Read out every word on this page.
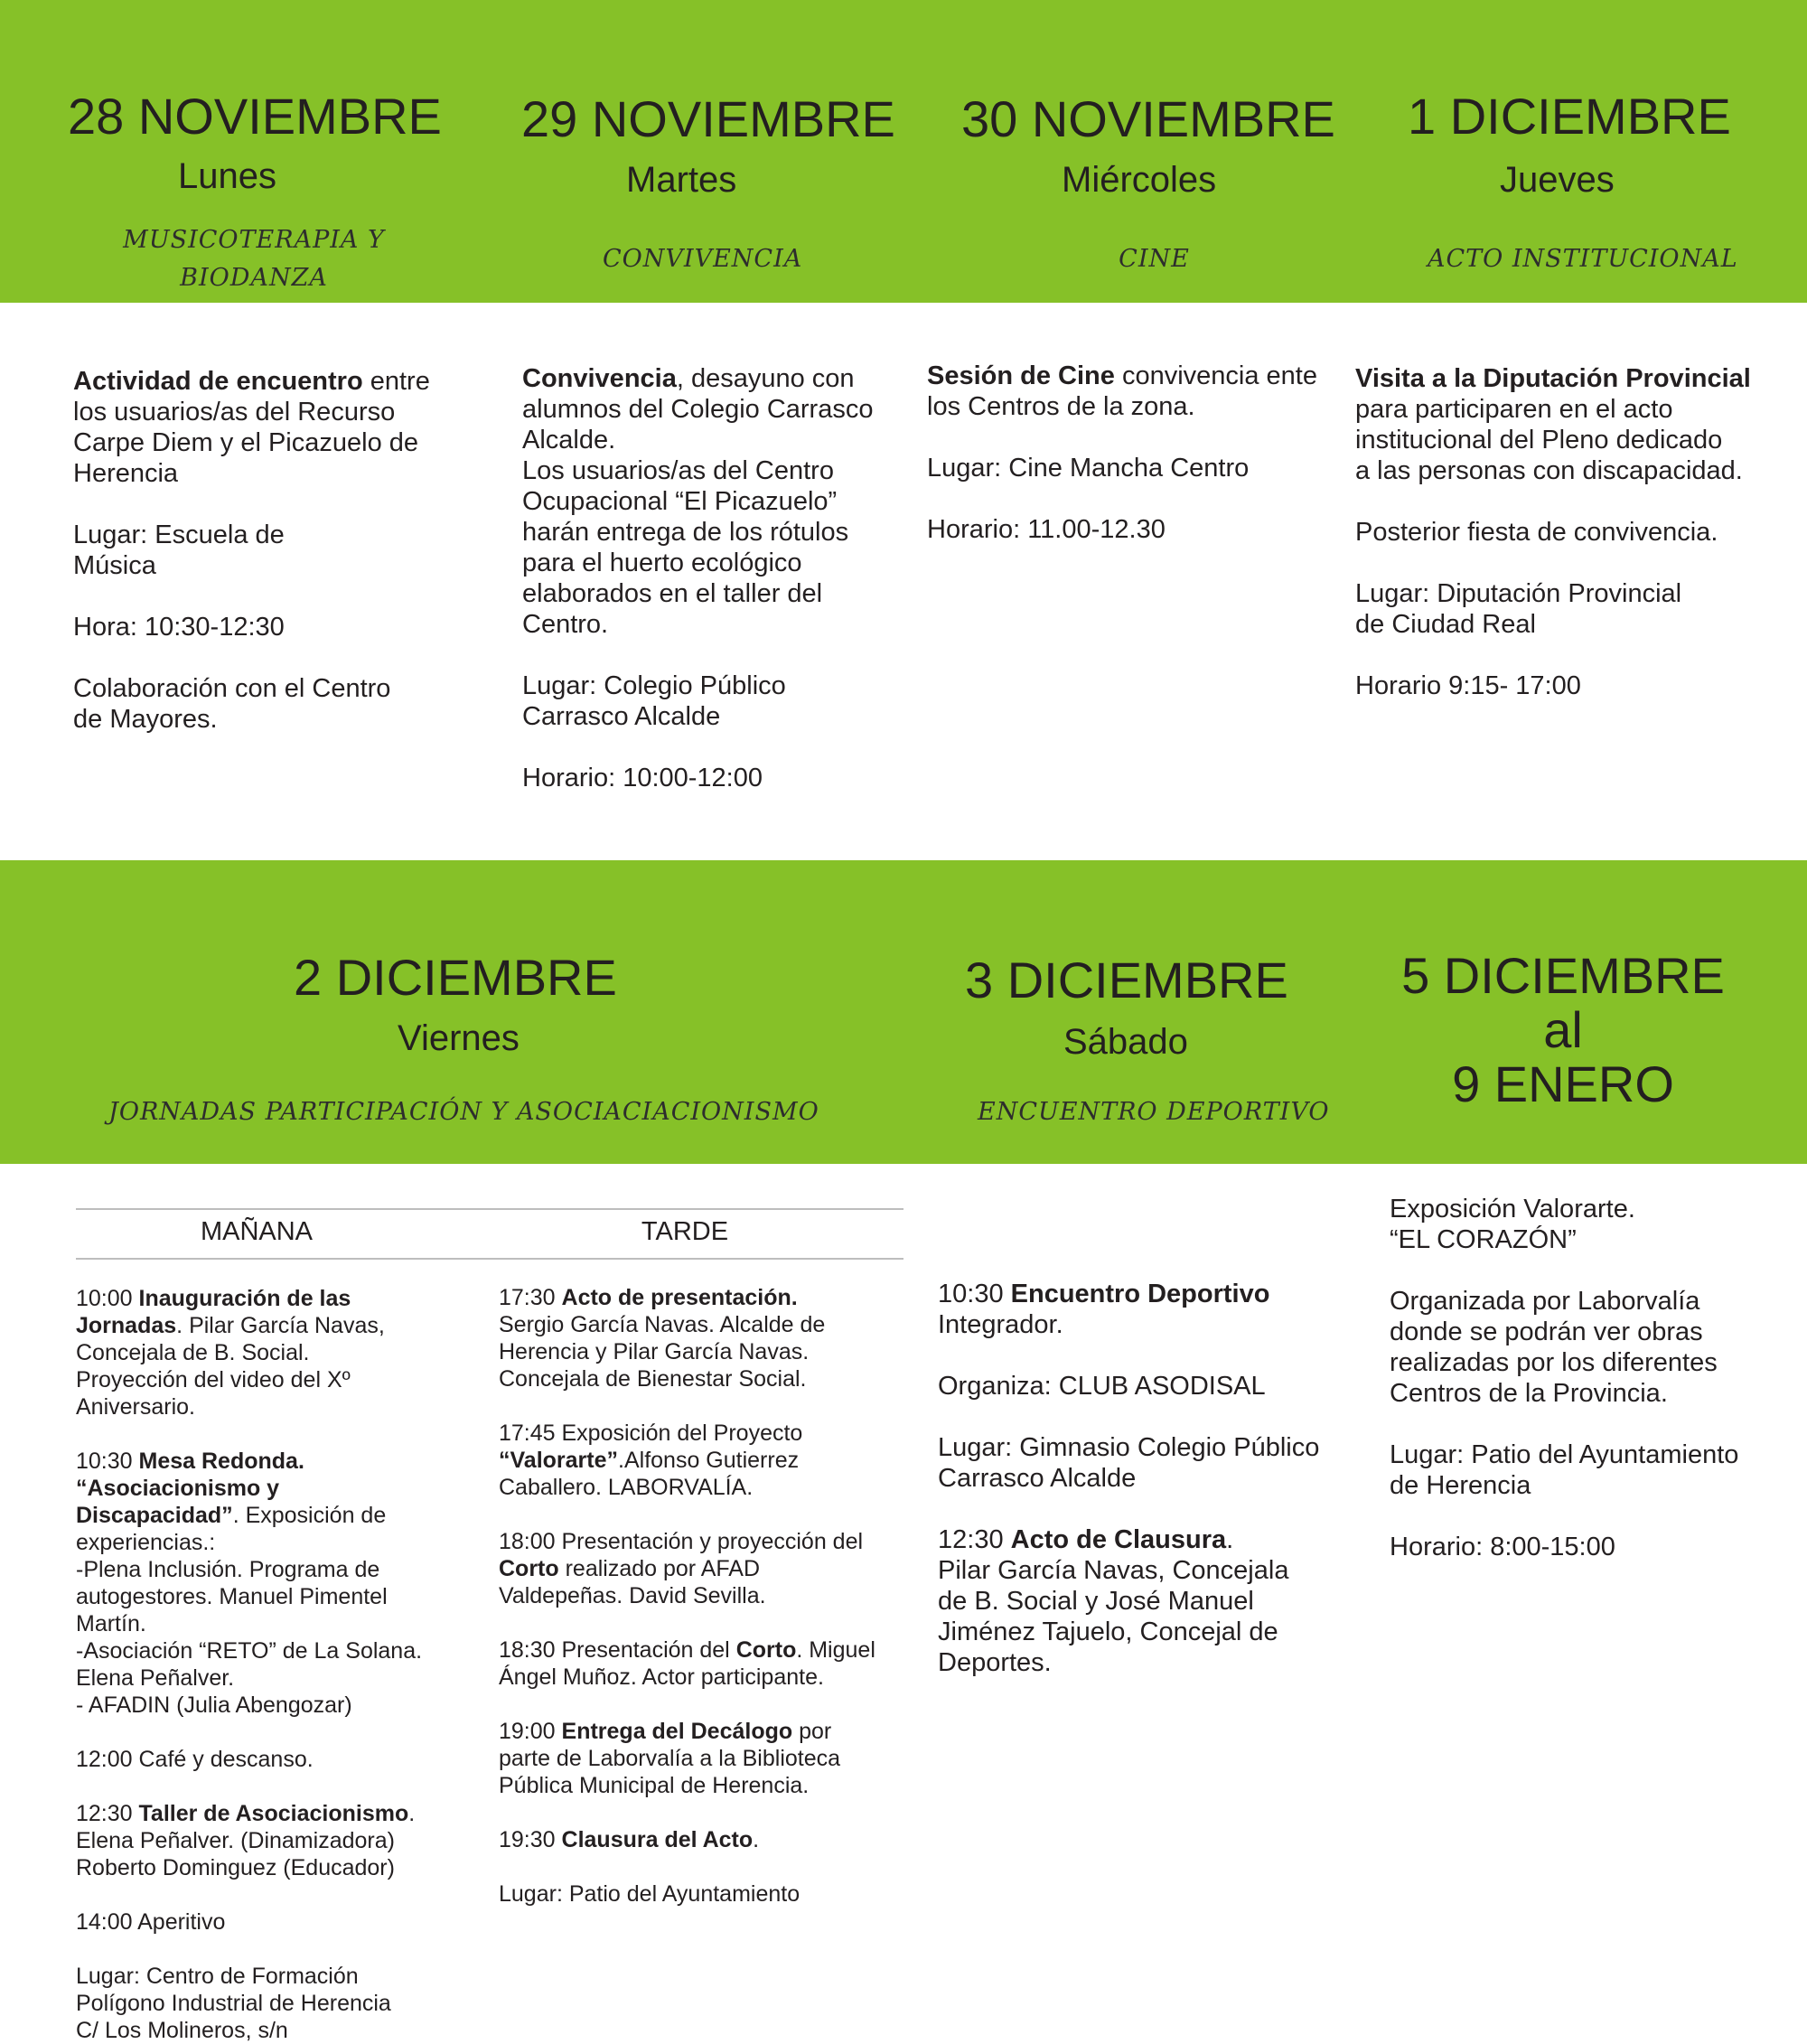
28 NOVIEMBRE
Lunes
MUSICOTERAPIA Y
BIODANZA
29 NOVIEMBRE
Martes
CONVIVENCIA
30 NOVIEMBRE
Miércoles
CINE
1 DICIEMBRE
Jueves
ACTO INSTITUCIONAL

Actividad de encuentro entre
los usuarios/as del Recurso
Carpe Diem y el Picazuelo de
Herencia

Lugar: Escuela de
Música

Hora: 10:30-12:30

Colaboración con el Centro
de Mayores.

Convivencia, desayuno con
alumnos del Colegio Carrasco
Alcalde.
Los usuarios/as del Centro
Ocupacional “El Picazuelo”
harán entrega de los rótulos
para el huerto ecológico
elaborados en el taller del
Centro.

Lugar: Colegio Público
Carrasco Alcalde

Horario: 10:00-12:00

Sesión de Cine convivencia ente
los Centros de la zona.

Lugar: Cine Mancha Centro

Horario: 11.00-12.30

Visita a la Diputación Provincial
para participaren en el acto
institucional del Pleno dedicado
a las personas con discapacidad.

Posterior fiesta de convivencia.

Lugar: Diputación Provincial
de Ciudad Real

Horario 9:15- 17:00

2 DICIEMBRE
Viernes
JORNADAS PARTICIPACIÓN Y ASOCIACIACIONISMO
3 DICIEMBRE
Sábado
ENCUENTRO DEPORTIVO
5 DICIEMBRE
al
9 ENERO
MAÑANA	TARDE

10:00 Inauguración de las
Jornadas. Pilar García Navas,
Concejala de B. Social.
Proyección del video del Xº
Aniversario.

10:30 Mesa Redonda.
“Asociacionismo y
Discapacidad”. Exposición de
experiencias.:
-Plena Inclusión. Programa de
autogestores. Manuel Pimentel
Martín.
-Asociación “RETO” de La Solana.
Elena Peñalver.
- AFADIN (Julia Abengozar)

12:00 Café y descanso.

12:30 Taller de Asociacionismo.
Elena Peñalver. (Dinamizadora)
Roberto Dominguez (Educador)

14:00 Aperitivo

Lugar: Centro de Formación
Polígono Industrial de Herencia
C/ Los Molineros, s/n

17:30 Acto de presentación.
Sergio García Navas. Alcalde de
Herencia y Pilar García Navas.
Concejala de Bienestar Social.

17:45 Exposición del Proyecto
“Valorarte”.Alfonso Gutierrez
Caballero. LABORVALÍA.

18:00 Presentación y proyección del
Corto realizado por AFAD
Valdepeñas. David Sevilla.

18:30 Presentación del Corto. Miguel
Ángel Muñoz. Actor participante.

19:00 Entrega del Decálogo por
parte de Laborvalía a la Biblioteca
Pública Municipal de Herencia.

19:30 Clausura del Acto.

Lugar: Patio del Ayuntamiento

10:30 Encuentro Deportivo
Integrador.

Organiza: CLUB ASODISAL

Lugar: Gimnasio Colegio Público
Carrasco Alcalde

12:30 Acto de Clausura.
Pilar García Navas, Concejala
de B. Social y José Manuel
Jiménez Tajuelo, Concejal de
Deportes.

Exposición Valorarte.
“EL CORAZÓN”

Organizada por Laborvalía
donde se podrán ver obras
realizadas por los diferentes
Centros de la Provincia.

Lugar: Patio del Ayuntamiento
de Herencia

Horario: 8:00-15:00
